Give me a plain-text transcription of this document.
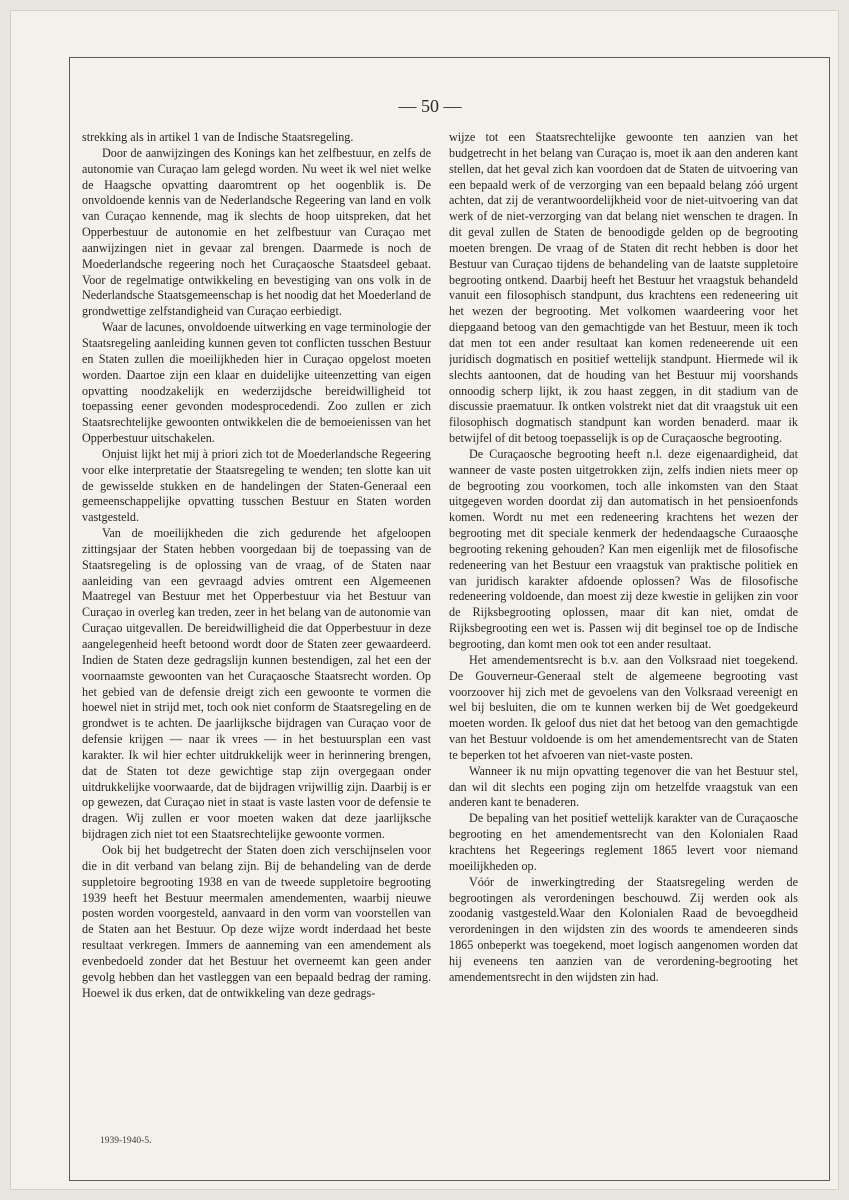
— 50 —

strekking als in artikel 1 van de Indische Staatsregeling.

Door de aanwijzingen des Konings kan het zelfbestuur, en zelfs de autonomie van Curaçao lam gelegd worden. Nu weet ik wel niet welke de Haagsche opvatting daaromtrent op het oogenblik is. De onvoldoende kennis van de Nederlandsche Regeering van land en volk van Curaçao kennende, mag ik slechts de hoop uitspreken, dat het Opperbestuur de autonomie en het zelfbestuur van Curaçao met aanwijzingen niet in gevaar zal brengen. Daarmede is noch de Moederlandsche regeering noch het Curaçaosche Staatsdeel gebaat. Voor de regelmatige ontwikkeling en bevestiging van ons volk in de Nederlandsche Staatsgemeenschap is het noodig dat het Moederland de grondwettige zelfstandigheid van Curaçao eerbiedigt.

Waar de lacunes, onvoldoende uitwerking en vage terminologie der Staatsregeling aanleiding kunnen geven tot conflicten tusschen Bestuur en Staten zullen die moeilijkheden hier in Curaçao opgelost moeten worden. Daartoe zijn een klaar en duidelijke uiteenzetting van eigen opvatting noodzakelijk en wederzijdsche bereidwilligheid tot toepassing eener gevonden modesprocedendi. Zoo zullen er zich Staatsrechtelijke gewoonten ontwikkelen die de bemoeienissen van het Opperbestuur uitschakelen.

Onjuist lijkt het mij à priori zich tot de Moederlandsche Regeering voor elke interpretatie der Staatsregeling te wenden; ten slotte kan uit de gewisselde stukken en de handelingen der Staten-Generaal een gemeenschappelijke opvatting tusschen Bestuur en Staten worden vastgesteld.

Van de moeilijkheden die zich gedurende het afgeloopen zittingsjaar der Staten hebben voorgedaan bij de toepassing van de Staatsregeling is de oplossing van de vraag, of de Staten naar aanleiding van een gevraagd advies omtrent een Algemeenen Maatregel van Bestuur met het Opperbestuur via het Bestuur van Curaçao in overleg kan treden, zeer in het belang van de autonomie van Curaçao uitgevallen. De bereidwilligheid die dat Opperbestuur in deze aangelegenheid heeft betoond wordt door de Staten zeer gewaardeerd. Indien de Staten deze gedragslijn kunnen bestendigen, zal het een der voornaamste gewoonten van het Curaçaosche Staatsrecht worden. Op het gebied van de defensie dreigt zich een gewoonte te vormen die hoewel niet in strijd met, toch ook niet conform de Staatsregeling en de grondwet is te achten. De jaarlijksche bijdragen van Curaçao voor de defensie krijgen — naar ik vrees — in het bestuursplan een vast karakter. Ik wil hier echter uitdrukkelijk weer in herinnering brengen, dat de Staten tot deze gewichtige stap zijn overgegaan onder uitdrukkelijke voorwaarde, dat de bijdragen vrijwillig zijn. Daarbij is er op gewezen, dat Curaçao niet in staat is vaste lasten voor de defensie te dragen. Wij zullen er voor moeten waken dat deze jaarlijksche bijdragen zich niet tot een Staatsrechtelijke gewoonte vormen.

Ook bij het budgetrecht der Staten doen zich verschijnselen voor die in dit verband van belang zijn. Bij de behandeling van de derde suppletoire begrooting 1938 en van de tweede suppletoire begrooting 1939 heeft het Bestuur meermalen amendementen, waarbij nieuwe posten worden voorgesteld, aanvaard in den vorm van voorstellen van de Staten aan het Bestuur. Op deze wijze wordt inderdaad het beste resultaat verkregen. Immers de aanneming van een amendement als evenbedoeld zonder dat het Bestuur het overneemt kan geen ander gevolg hebben dan het vastleggen van een bepaald bedrag der raming. Hoewel ik dus erken, dat de ontwikkeling van deze gedrags-

wijze tot een Staatsrechtelijke gewoonte ten aanzien van het budgetrecht in het belang van Curaçao is, moet ik aan den anderen kant stellen, dat het geval zich kan voordoen dat de Staten de uitvoering van een bepaald werk of de verzorging van een bepaald belang zóó urgent achten, dat zij de verantwoordelijkheid voor de niet-uitvoering van dat werk of de niet-verzorging van dat belang niet wenschen te dragen. In dit geval zullen de Staten de benoodigde gelden op de begrooting moeten brengen. De vraag of de Staten dit recht hebben is door het Bestuur van Curaçao tijdens de behandeling van de laatste suppletoire begrooting ontkend. Daarbij heeft het Bestuur het vraagstuk behandeld vanuit een filosophisch standpunt, dus krachtens een redeneering uit het wezen der begrooting. Met volkomen waardeering voor het diepgaand betoog van den gemachtigde van het Bestuur, meen ik toch dat men tot een ander resultaat kan komen redeneerende uit een juridisch dogmatisch en positief wettelijk standpunt. Hiermede wil ik slechts aantoonen, dat de houding van het Bestuur mij voorshands onnoodig scherp lijkt, ik zou haast zeggen, in dit stadium van de discussie praematuur. Ik ontken volstrekt niet dat dit vraagstuk uit een filosophisch dogmatisch standpunt kan worden benaderd. maar ik betwijfel of dit betoog toepasselijk is op de Curaçaosche begrooting.

De Curaçaosche begrooting heeft n.l. deze eigenaardigheid, dat wanneer de vaste posten uitgetrokken zijn, zelfs indien niets meer op de begrooting zou voorkomen, toch alle inkomsten van den Staat uitgegeven worden doordat zij dan automatisch in het pensioenfonds komen. Wordt nu met een redeneering krachtens het wezen der begrooting met dit speciale kenmerk der hedendaagsche Curaaosçhe begrooting rekening gehouden? Kan men eigenlijk met de filosofische redeneering van het Bestuur een vraagstuk van praktische politiek en van juridisch karakter afdoende oplossen? Was de filosofische redeneering voldoende, dan moest zij deze kwestie in gelijken zin voor de Rijksbegrooting oplossen, maar dit kan niet, omdat de Rijksbegrooting een wet is. Passen wij dit beginsel toe op de Indische begrooting, dan komt men ook tot een ander resultaat.

Het amendementsrecht is b.v. aan den Volksraad niet toegekend. De Gouverneur-Generaal stelt de algemeene begrooting vast voorzoover hij zich met de gevoelens van den Volksraad vereenigt en wel bij besluiten, die om te kunnen werken bij de Wet goedgekeurd moeten worden. Ik geloof dus niet dat het betoog van den gemachtigde van het Bestuur voldoende is om het amendementsrecht van de Staten te beperken tot het afvoeren van niet-vaste posten.

Wanneer ik nu mijn opvatting tegenover die van het Bestuur stel, dan wil dit slechts een poging zijn om hetzelfde vraagstuk van een anderen kant te benaderen.

De bepaling van het positief wettelijk karakter van de Curaçaosche begrooting en het amendementsrecht van den Kolonialen Raad krachtens het Regeerings reglement 1865 levert voor niemand moeilijkheden op.

Vóór de inwerkingtreding der Staatsregeling werden de begrootingen als verordeningen beschouwd. Zij werden ook als zoodanig vastgesteld.Waar den Kolonialen Raad de bevoegdheid verordeningen in den wijdsten zin des woords te amendeeren sinds 1865 onbeperkt was toegekend, moet logisch aangenomen worden dat hij eveneens ten aanzien van de verordening-begrooting het amendementsrecht in den wijdsten zin had.

1939-1940-5.
